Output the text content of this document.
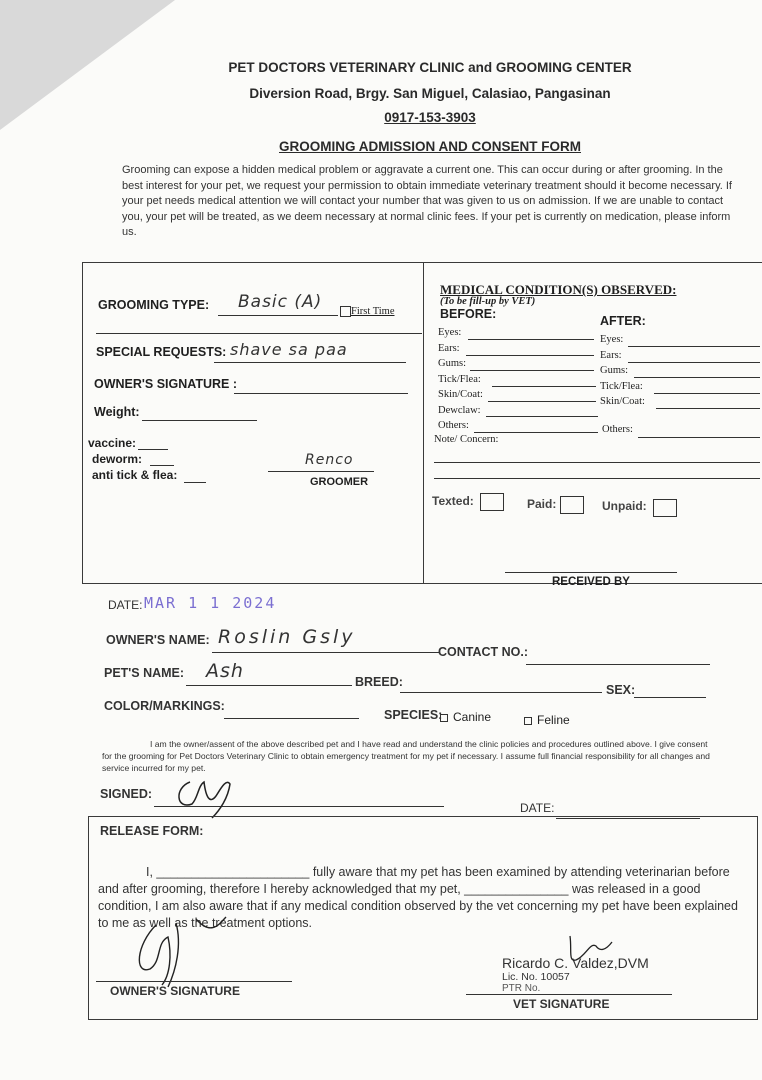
PET DOCTORS VETERINARY CLINIC and GROOMING CENTER
Diversion Road, Brgy. San Miguel, Calasiao, Pangasinan
0917-153-3903
GROOMING ADMISSION AND CONSENT FORM
Grooming can expose a hidden medical problem or aggravate a current one. This can occur during or after grooming. In the best interest for your pet, we request your permission to obtain immediate veterinary treatment should it become necessary. If your pet needs medical attention we will contact your number that was given to us on admission. If we are unable to contact you, your pet will be treated, as we deem necessary at normal clinic fees. If your pet is currently on medication, please inform us.
GROOMING TYPE: Basic (A)	First Time
SPECIAL REQUESTS: shave sa paa
OWNER'S SIGNATURE :
Weight:
vaccine:
deworm:
anti tick & flea:
Renco
GROOMER
MEDICAL CONDITION(S) OBSERVED:
(To be fill-up by VET)
BEFORE:	AFTER:
Eyes:
Ears:
Gums:
Tick/Flea:
Skin/Coat:
Dewclaw:
Others:
Eyes:
Ears:
Gums:
Tick/Flea:
Skin/Coat:
Others:
Note/ Concern:
Texted:	Paid:	Unpaid:
RECEIVED BY
DATE: MAR 1 1 2024
OWNER'S NAME: Roslin Gsly
CONTACT NO.:
PET'S NAME: Ash	BREED:
SEX:
COLOR/MARKINGS:
SPECIES: Canine	Feline
I am the owner/assent of the above described pet and I have read and understand the clinic policies and procedures outlined above. I give consent for the grooming for Pet Doctors Veterinary Clinic to obtain emergency treatment for my pet if necessary. I assume full financial responsibility for all changes and service incurred for my pet.
SIGNED:
DATE:
RELEASE FORM:
I, ______________________ fully aware that my pet has been examined by attending veterinarian before and after grooming, therefore I hereby acknowledged that my pet, _______________ was released in a good condition, I am also aware that if any medical condition observed by the vet concerning my pet have been explained to me as well as the treatment options.
OWNER'S SIGNATURE
Ricardo C. Valdez,DVM
Lic. No. 10057
PTR No.
VET SIGNATURE
